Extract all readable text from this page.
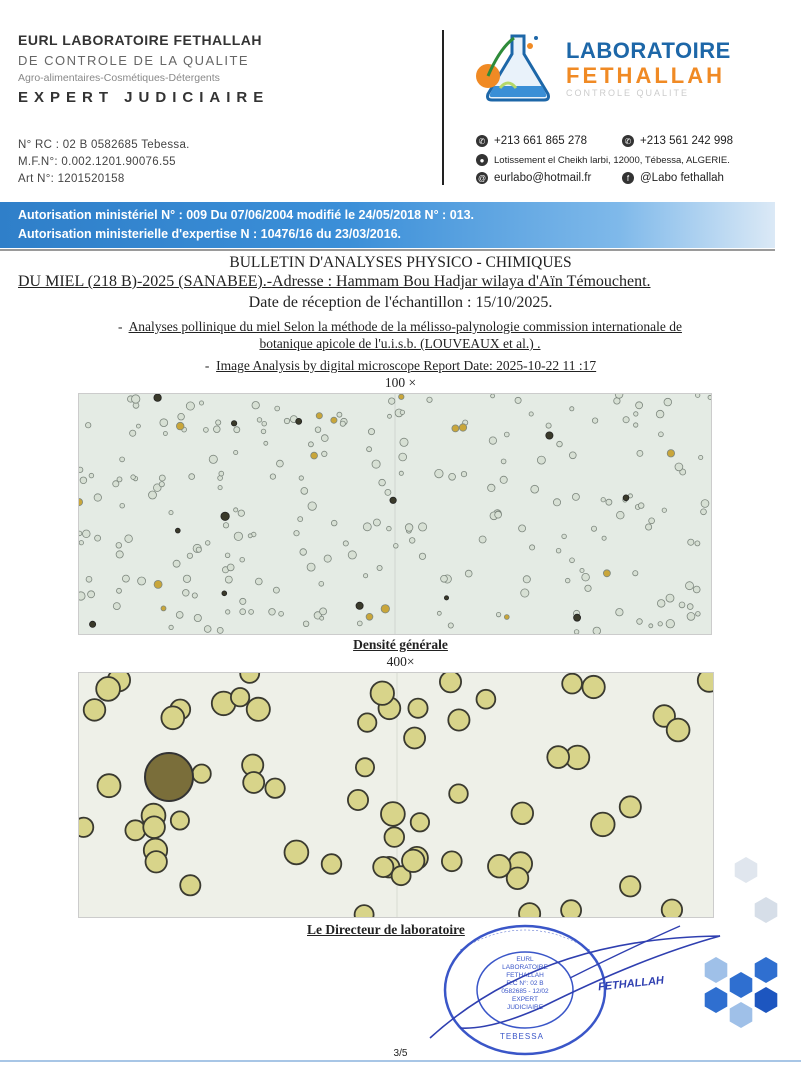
EURL LABORATOIRE FETHALLAH
DE CONTROLE DE LA QUALITE
Agro-alimentaires-Cosmétiques-Détergents
EXPERT JUDICIAIRE
N° RC : 02 B 0582685 Tebessa.
M.F.N°: 0.002.1201.90076.55
Art N°: 1201520158
LABORATOIRE
FETHALLAH
CONTROLE QUALITE
✆ +213 661 865 278	✆ +213 561 242 998
●	Lotissement el Cheikh larbi, 12000, Tébessa, ALGERIE.
@ eurlabo@hotmail.fr	f @Labo fethallah
Autorisation ministériel N° : 009 Du 07/06/2004 modifié le 24/05/2018 N° : 013.
Autorisation ministerielle d'expertise N : 10476/16 du 23/03/2016.
BULLETIN D'ANALYSES PHYSICO - CHIMIQUES
DU MIEL (218 B)-2025 (SANABEE).-Adresse : Hammam Bou Hadjar wilaya d'Aïn Témouchent.
Date de réception de l'échantillon : 15/10/2025.
- Analyses pollinique du miel Selon la méthode de la mélisso-palynologie commission internationale de
botanique apicole de l'u.i.s.b. (LOUVEAUX et al.) .
- Image Analysis by digital microscope Report Date: 2025-10-22 11 :17
100 ×
Densité générale
400×
Le Directeur de laboratoire
EURL LABORATOIRE
FETHALLAH
R.C N°: 02 B 0582685 - 12/02
EXPERT
JUDICIAIRE
TEBESSA
FETHALLAH
3/5
